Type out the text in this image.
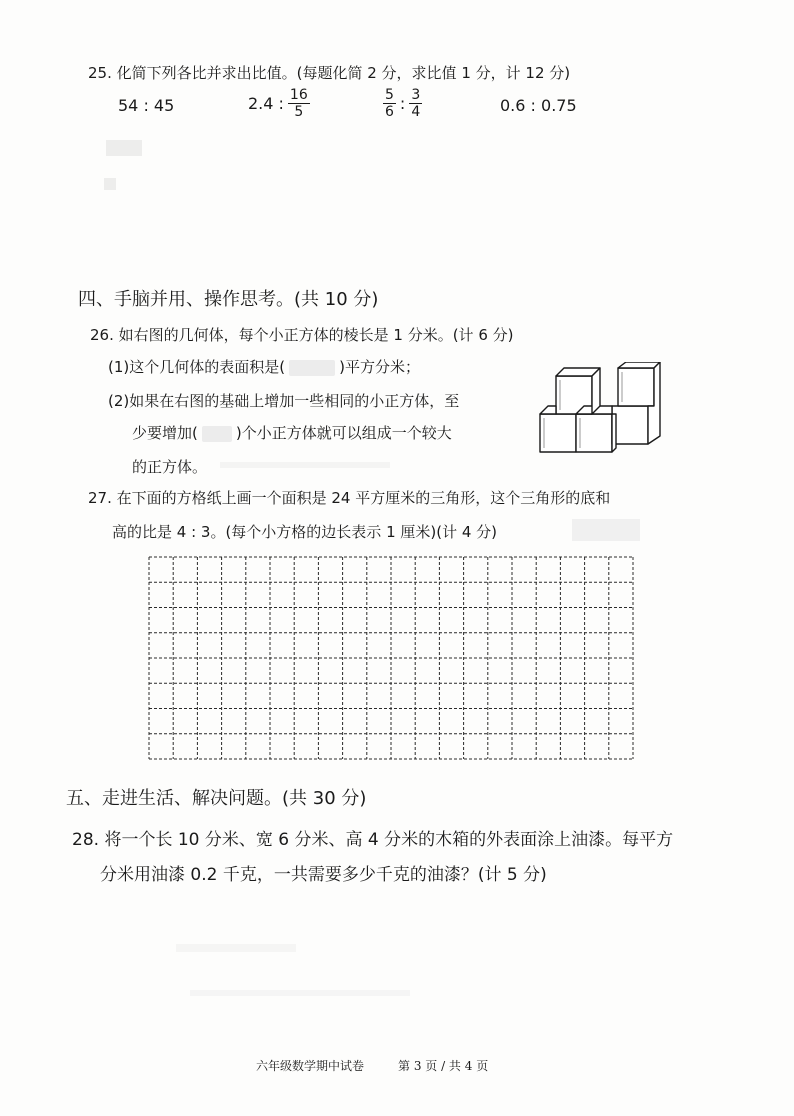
25. 化简下列各比并求出比值。(每题化简 2 分，求比值 1 分，计 12 分)
54 : 45	2.4 : $\frac{16}{5}$	$\frac{5}{6}$ : $\frac{3}{4}$	0.6 : 0.75
四、手脑并用、操作思考。(共 10 分)
26. 如右图的几何体，每个小正方体的棱长是 1 分米。(计 6 分)
(1)这个几何体的表面积是(	)平方分米；
(2)如果在右图的基础上增加一些相同的小正方体，至
少要增加(	)个小正方体就可以组成一个较大
的正方体。
27. 在下面的方格纸上画一个面积是 24 平方厘米的三角形，这个三角形的底和
高的比是 4 : 3。(每个小方格的边长表示 1 厘米)(计 4 分)
五、走进生活、解决问题。(共 30 分)
28. 将一个长 10 分米、宽 6 分米、高 4 分米的木箱的外表面涂上油漆。每平方
分米用油漆 0.2 千克，一共需要多少千克的油漆？(计 5 分)
六年级数学期中试卷	第 3 页 / 共 4 页
